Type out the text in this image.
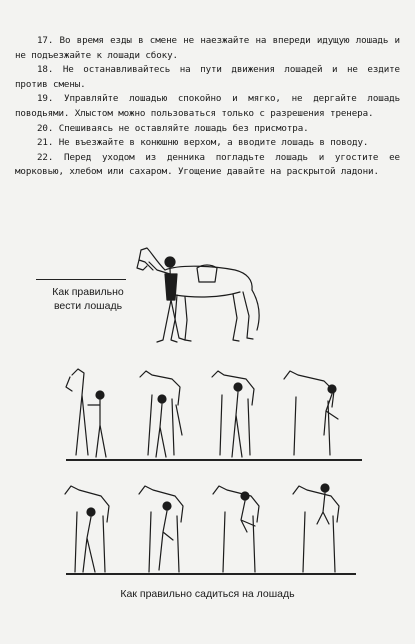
17. Во время езды в смене не наезжайте на впереди идущую лошадь и не подъезжайте к лошади сбоку.

18. Не останавливайтесь на пути движения лошадей и не ездите против смены.

19. Управляйте лошадью спокойно и мягко, не дергайте лошадь поводьями. Хлыстом можно пользоваться только с разрешения тренера.

20. Спешиваясь не оставляйте лошадь без присмотра.

21. Не въезжайте в конюшню верхом, а вводите лошадь в поводу.

22. Перед уходом из денника погладьте лошадь и угостите ее морковью, хлебом или сахаром. Угощение давайте на раскрытой ладони.

Как правильно вести лошадь
Как правильно садиться на лошадь
